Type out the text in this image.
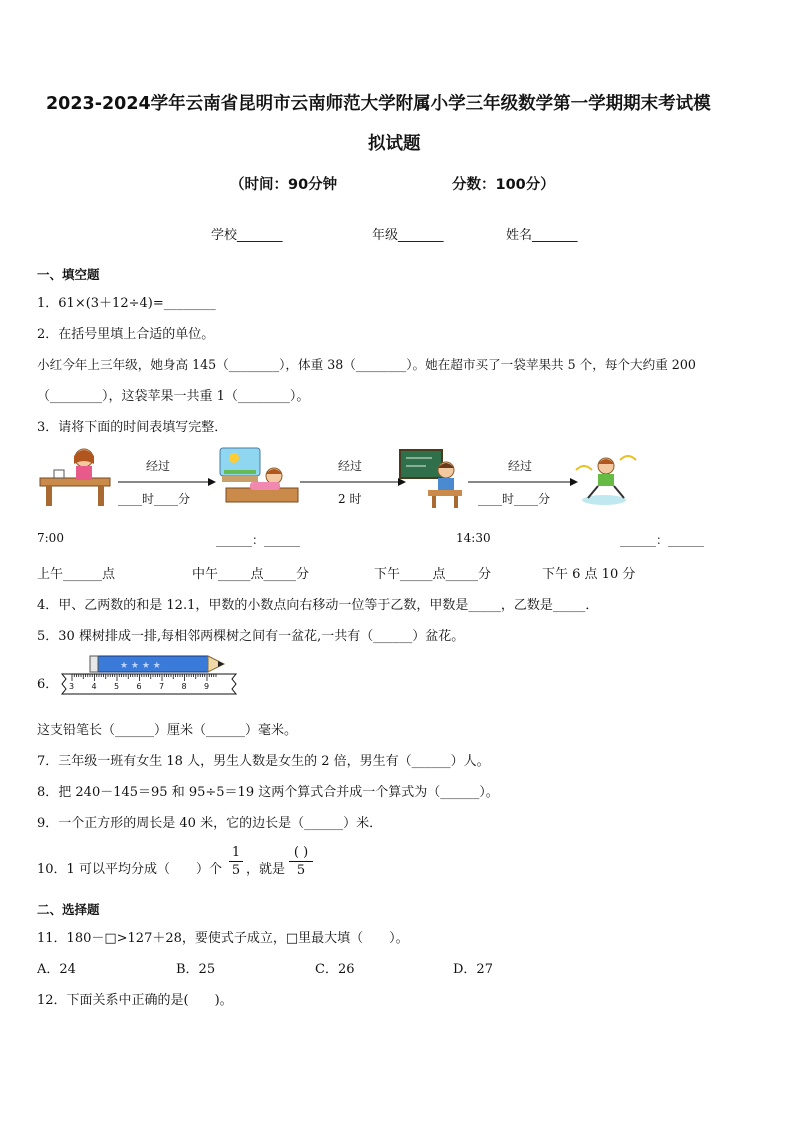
2023-2024学年云南省昆明市云南师范大学附属小学三年级数学第一学期期末考试模
拟试题
（时间：90分钟	分数：100分）
学校_______	年级_______	姓名_______
一、填空题
1．61×(3＋12÷4)=________
2．在括号里填上合适的单位。
小红今年上三年级，她身高 145（________），体重 38（________）。她在超市买了一袋苹果共 5 个，每个大约重 200
（________），这袋苹果一共重 1（________）。
3．请将下面的时间表填写完整．
经过	经过	经过
____时____分	2 时	____时____分
7:00	______：______	14:30	______：______
上午______点	中午_____点_____分	下午_____点_____分	下午 6 点 10 分
4．甲、乙两数的和是 12.1，甲数的小数点向右移动一位等于乙数，甲数是_____，乙数是_____．
5．30 棵树排成一排,每相邻两棵树之间有一盆花,一共有（______）盆花。
6．
★ ★ ★ ★
3 4 5 6 7 8 9
这支铅笔长（______）厘米（______）毫米。
7．三年级一班有女生 18 人，男生人数是女生的 2 倍，男生有（______）人。
8．把 240－145＝95 和 95÷5＝19 这两个算式合并成一个算式为（______）。
9．一个正方形的周长是 40 米，它的边长是（______）米．
10．1 可以平均分成（　　）个
1
5 ，就是
( )
5
二、选择题
11．180－□>127＋28，要使式子成立，□里最大填（　　）。
A．24	B．25	C．26	D．27
12．下面关系中正确的是(　　)。
